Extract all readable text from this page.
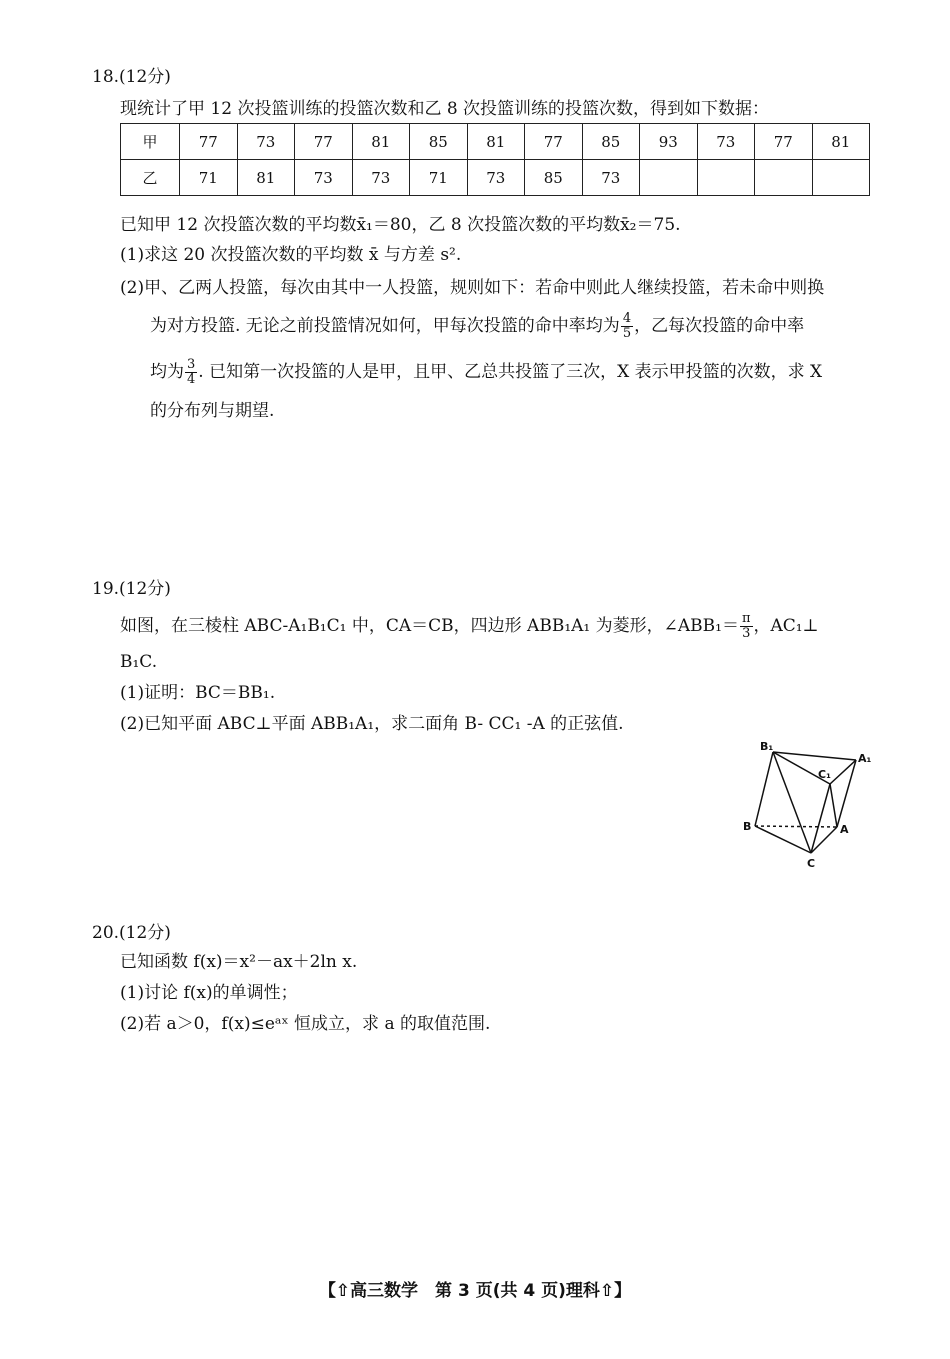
18.(12分)
现统计了甲 12 次投篮训练的投篮次数和乙 8 次投篮训练的投篮次数，得到如下数据：
甲	77	73	77	81	85	81	77	85	93	73	77	81
乙	71	81	73	73	71	73	85	73				
已知甲 12 次投篮次数的平均数x̄₁＝80，乙 8 次投篮次数的平均数x̄₂＝75.
(1)求这 20 次投篮次数的平均数 x̄ 与方差 s².
(2)甲、乙两人投篮，每次由其中一人投篮，规则如下：若命中则此人继续投篮，若未命中则换
为对方投篮. 无论之前投篮情况如何，甲每次投篮的命中率均为 $\frac{4}{5}$ ，乙每次投篮的命中率
均为 $\frac{3}{4}$ . 已知第一次投篮的人是甲，且甲、乙总共投篮了三次，X 表示甲投篮的次数，求 X
的分布列与期望.
19.(12分)
如图，在三棱柱 ABC-A₁B₁C₁ 中，CA＝CB，四边形 ABB₁A₁ 为菱形，∠ABB₁＝ $\frac{\pi}{3}$ ，AC₁⊥
B₁C.
(1)证明：BC＝BB₁.
(2)已知平面 ABC⊥平面 ABB₁A₁，求二面角 B- CC₁ -A 的正弦值.
B₁
A₁
C₁
B	A
C
20.(12分)
已知函数 f(x)＝x²－ax＋2ln x.
(1)讨论 f(x)的单调性；
(2)若 a＞0，f(x)≤eᵃˣ 恒成立，求 a 的取值范围.
【⇧高三数学　第 3 页(共 4 页)理科⇧】
